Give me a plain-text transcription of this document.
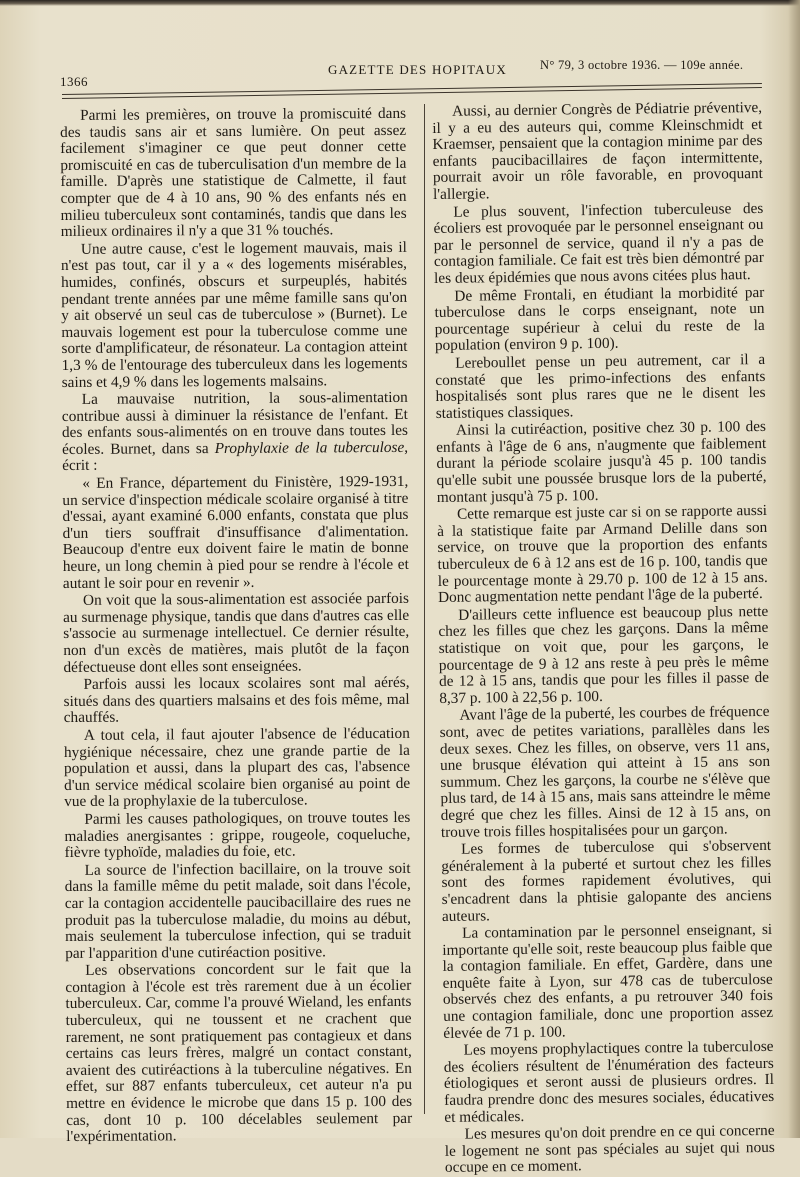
1366
GAZETTE DES HOPITAUX	N° 79, 3 octobre 1936. — 109e année.

Parmi les premières, on trouve la promiscuité dans des taudis sans air et sans lumière. On peut assez facilement s'imaginer ce que peut donner cette promiscuité en cas de tuberculisation d'un membre de la famille. D'après une statistique de Calmette, il faut compter que de 4 à 10 ans, 90 % des enfants nés en milieu tuberculeux sont contaminés, tandis que dans les milieux ordinaires il n'y a que 31 % touchés.

Une autre cause, c'est le logement mauvais, mais il n'est pas tout, car il y a « des logements misérables, humides, confinés, obscurs et surpeuplés, habités pendant trente années par une même famille sans qu'on y ait observé un seul cas de tuberculose » (Burnet). Le mauvais logement est pour la tuberculose comme une sorte d'amplificateur, de résonateur. La contagion atteint 1,3 % de l'entourage des tuberculeux dans les logements sains et 4,9 % dans les logements malsains.

La mauvaise nutrition, la sous-alimentation contribue aussi à diminuer la résistance de l'enfant. Et des enfants sous-alimentés on en trouve dans toutes les écoles. Burnet, dans sa Prophylaxie de la tuberculose, écrit :

« En France, département du Finistère, 1929-1931, un service d'inspection médicale scolaire organisé à titre d'essai, ayant examiné 6.000 enfants, constata que plus d'un tiers souffrait d'insuffisance d'alimentation. Beaucoup d'entre eux doivent faire le matin de bonne heure, un long chemin à pied pour se rendre à l'école et autant le soir pour en revenir ».

On voit que la sous-alimentation est associée parfois au surmenage physique, tandis que dans d'autres cas elle s'associe au surmenage intellectuel. Ce dernier résulte, non d'un excès de matières, mais plutôt de la façon défectueuse dont elles sont enseignées.

Parfois aussi les locaux scolaires sont mal aérés, situés dans des quartiers malsains et des fois même, mal chauffés.

A tout cela, il faut ajouter l'absence de l'éducation hygiénique nécessaire, chez une grande partie de la population et aussi, dans la plupart des cas, l'absence d'un service médical scolaire bien organisé au point de vue de la prophylaxie de la tuberculose.

Parmi les causes pathologiques, on trouve toutes les maladies anergisantes : grippe, rougeole, coqueluche, fièvre typhoïde, maladies du foie, etc.

La source de l'infection bacillaire, on la trouve soit dans la famille même du petit malade, soit dans l'école, car la contagion accidentelle paucibacillaire des rues ne produit pas la tuberculose maladie, du moins au début, mais seulement la tuberculose infection, qui se traduit par l'apparition d'une cutiréaction positive.

Les observations concordent sur le fait que la contagion à l'école est très rarement due à un écolier tuberculeux. Car, comme l'a prouvé Wieland, les enfants tuberculeux, qui ne toussent et ne crachent que rarement, ne sont pratiquement pas contagieux et dans certains cas leurs frères, malgré un contact constant, avaient des cutiréactions à la tuberculine négatives. En effet, sur 887 enfants tuberculeux, cet auteur n'a pu mettre en évidence le microbe que dans 15 p. 100 des cas, dont 10 p. 100 décelables seulement par l'expérimentation.

Aussi, au dernier Congrès de Pédiatrie préventive, il y a eu des auteurs qui, comme Kleinschmidt et Kraemser, pensaient que la contagion minime par des enfants paucibacillaires de façon intermittente, pourrait avoir un rôle favorable, en provoquant l'allergie.

Le plus souvent, l'infection tuberculeuse des écoliers est provoquée par le personnel enseignant ou par le personnel de service, quand il n'y a pas de contagion familiale. Ce fait est très bien démontré par les deux épidémies que nous avons citées plus haut.

De même Frontali, en étudiant la morbidité par tuberculose dans le corps enseignant, note un pourcentage supérieur à celui du reste de la population (environ 9 p. 100).

Lereboullet pense un peu autrement, car il a constaté que les primo-infections des enfants hospitalisés sont plus rares que ne le disent les statistiques classiques.

Ainsi la cutiréaction, positive chez 30 p. 100 des enfants à l'âge de 6 ans, n'augmente que faiblement durant la période scolaire jusqu'à 45 p. 100 tandis qu'elle subit une poussée brusque lors de la puberté, montant jusqu'à 75 p. 100.

Cette remarque est juste car si on se rapporte aussi à la statistique faite par Armand Delille dans son service, on trouve que la proportion des enfants tuberculeux de 6 à 12 ans est de 16 p. 100, tandis que le pourcentage monte à 29.70 p. 100 de 12 à 15 ans. Donc augmentation nette pendant l'âge de la puberté.

D'ailleurs cette influence est beaucoup plus nette chez les filles que chez les garçons. Dans la même statistique on voit que, pour les garçons, le pourcentage de 9 à 12 ans reste à peu près le même de 12 à 15 ans, tandis que pour les filles il passe de 8,37 p. 100 à 22,56 p. 100.

Avant l'âge de la puberté, les courbes de fréquence sont, avec de petites variations, parallèles dans les deux sexes. Chez les filles, on observe, vers 11 ans, une brusque élévation qui atteint à 15 ans son summum. Chez les garçons, la courbe ne s'élève que plus tard, de 14 à 15 ans, mais sans atteindre le même degré que chez les filles. Ainsi de 12 à 15 ans, on trouve trois filles hospitalisées pour un garçon.

Les formes de tuberculose qui s'observent généralement à la puberté et surtout chez les filles sont des formes rapidement évolutives, qui s'encadrent dans la phtisie galopante des anciens auteurs.

La contamination par le personnel enseignant, si importante qu'elle soit, reste beaucoup plus faible que la contagion familiale. En effet, Gardère, dans une enquête faite à Lyon, sur 478 cas de tuberculose observés chez des enfants, a pu retrouver 340 fois une contagion familiale, donc une proportion assez élevée de 71 p. 100.

Les moyens prophylactiques contre la tuberculose des écoliers résultent de l'énumération des facteurs étiologiques et seront aussi de plusieurs ordres. Il faudra prendre donc des mesures sociales, éducatives et médicales.

Les mesures qu'on doit prendre en ce qui concerne le logement ne sont pas spéciales au sujet qui nous occupe en ce moment.
